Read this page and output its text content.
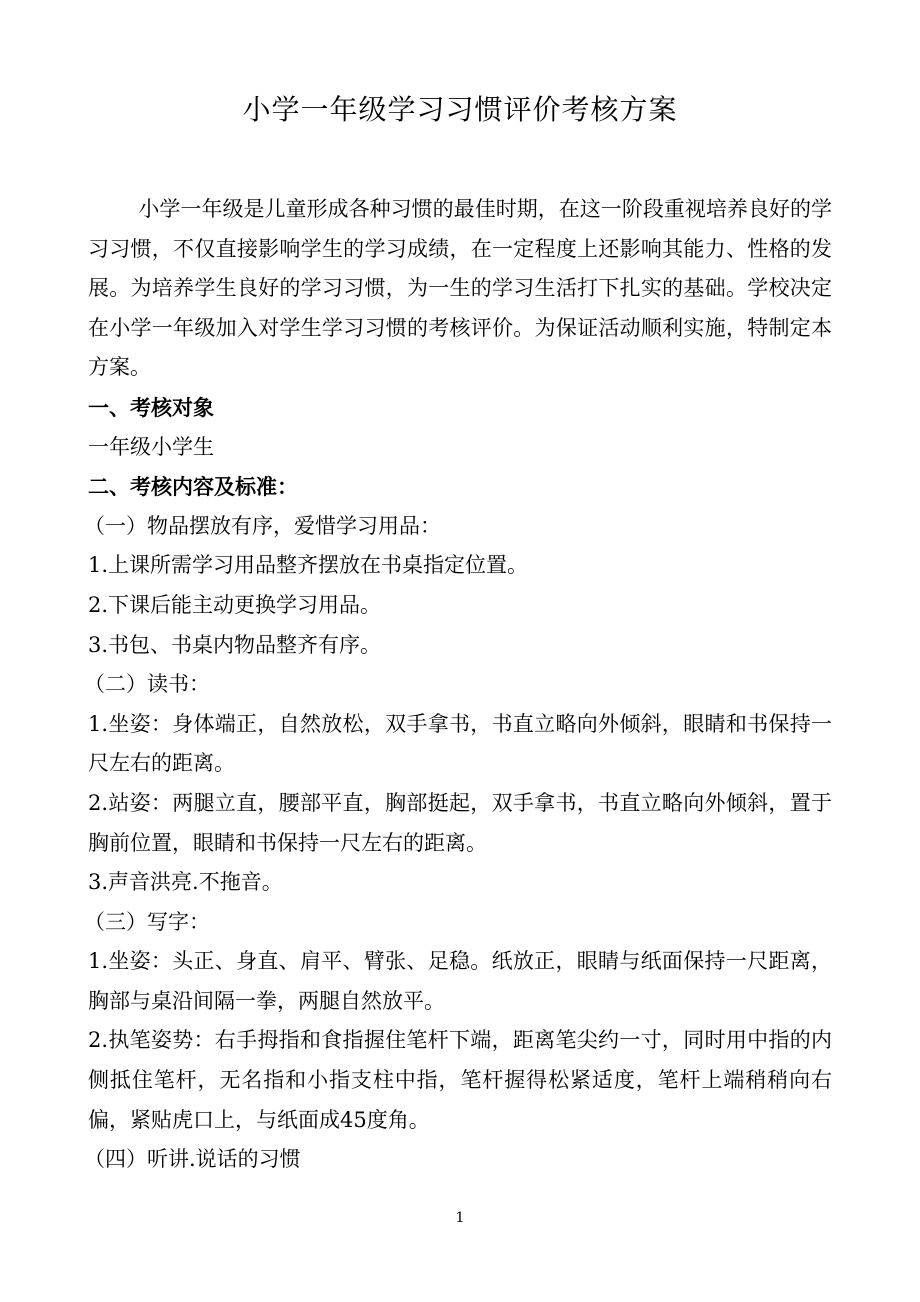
小学一年级学习习惯评价考核方案

小学一年级是儿童形成各种习惯的最佳时期，在这一阶段重视培养良好的学习习惯，不仅直接影响学生的学习成绩，在一定程度上还影响其能力、性格的发展。为培养学生良好的学习习惯，为一生的学习生活打下扎实的基础。学校决定在小学一年级加入对学生学习习惯的考核评价。为保证活动顺利实施，特制定本方案。

一、考核对象

一年级小学生

二、考核内容及标准：

（一）物品摆放有序，爱惜学习用品：

1.上课所需学习用品整齐摆放在书桌指定位置。

2.下课后能主动更换学习用品。

3.书包、书桌内物品整齐有序。

（二）读书：

1.坐姿：身体端正，自然放松，双手拿书，书直立略向外倾斜，眼睛和书保持一尺左右的距离。

2.站姿：两腿立直，腰部平直，胸部挺起，双手拿书，书直立略向外倾斜，置于胸前位置，眼睛和书保持一尺左右的距离。

3.声音洪亮.不拖音。

（三）写字：

1.坐姿：头正、身直、肩平、臂张、足稳。纸放正，眼睛与纸面保持一尺距离，胸部与桌沿间隔一拳，两腿自然放平。

2.执笔姿势：右手拇指和食指握住笔杆下端，距离笔尖约一寸，同时用中指的内侧抵住笔杆，无名指和小指支柱中指，笔杆握得松紧适度，笔杆上端稍稍向右偏，紧贴虎口上，与纸面成45度角。

（四）听讲.说话的习惯

1
